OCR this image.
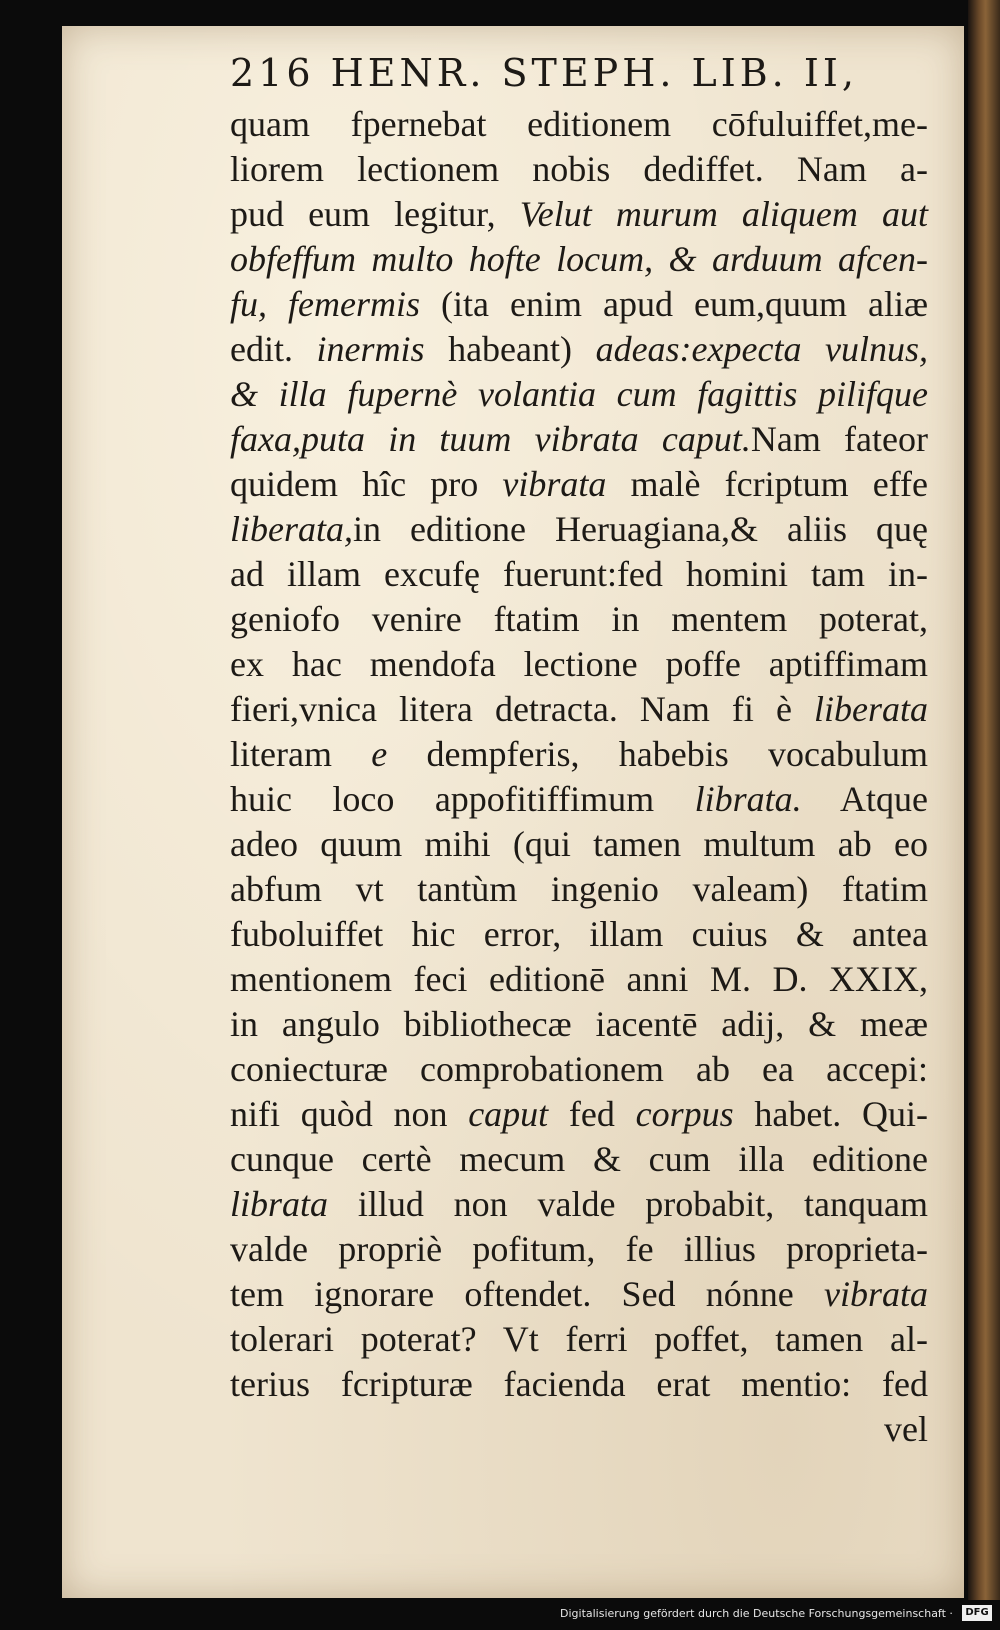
216 HENR. STEPH. LIB. II,
quam fpernebat editionem cōfuluiffet,me-
liorem lectionem nobis dediffet. Nam a-
pud eum legitur, Velut murum aliquem aut
obfeffum multo hofte locum, & arduum afcen-
fu, femermis (ita enim apud eum,quum aliæ
edit. inermis habeant) adeas:expecta vulnus,
& illa fupernè volantia cum fagittis pilifque
faxa,puta in tuum vibrata caput.Nam fateor
quidem hîc pro vibrata malè fcriptum effe
liberata,in editione Heruagiana,& aliis quę
ad illam excufę fuerunt:fed homini tam in-
geniofo venire ftatim in mentem poterat,
ex hac mendofa lectione poffe aptiffimam
fieri,vnica litera detracta. Nam fi è liberata
literam e dempferis, habebis vocabulum
huic loco appofitiffimum librata. Atque
adeo quum mihi (qui tamen multum ab eo
abfum vt tantùm ingenio valeam) ftatim
fuboluiffet hic error, illam cuius & antea
mentionem feci editionē anni M. D. XXIX,
in angulo bibliothecæ iacentē adij, & meæ
coniecturæ comprobationem ab ea accepi:
nifi quòd non caput fed corpus habet. Qui-
cunque certè mecum & cum illa editione
librata illud non valde probabit, tanquam
valde propriè pofitum, fe illius proprieta-
tem ignorare oftendet. Sed nónne vibrata
tolerari poterat? Vt ferri poffet, tamen al-
terius fcripturæ facienda erat mentio: fed
vel
Digitalisierung gefördert durch die Deutsche Forschungsgemeinschaft ·	DFG
